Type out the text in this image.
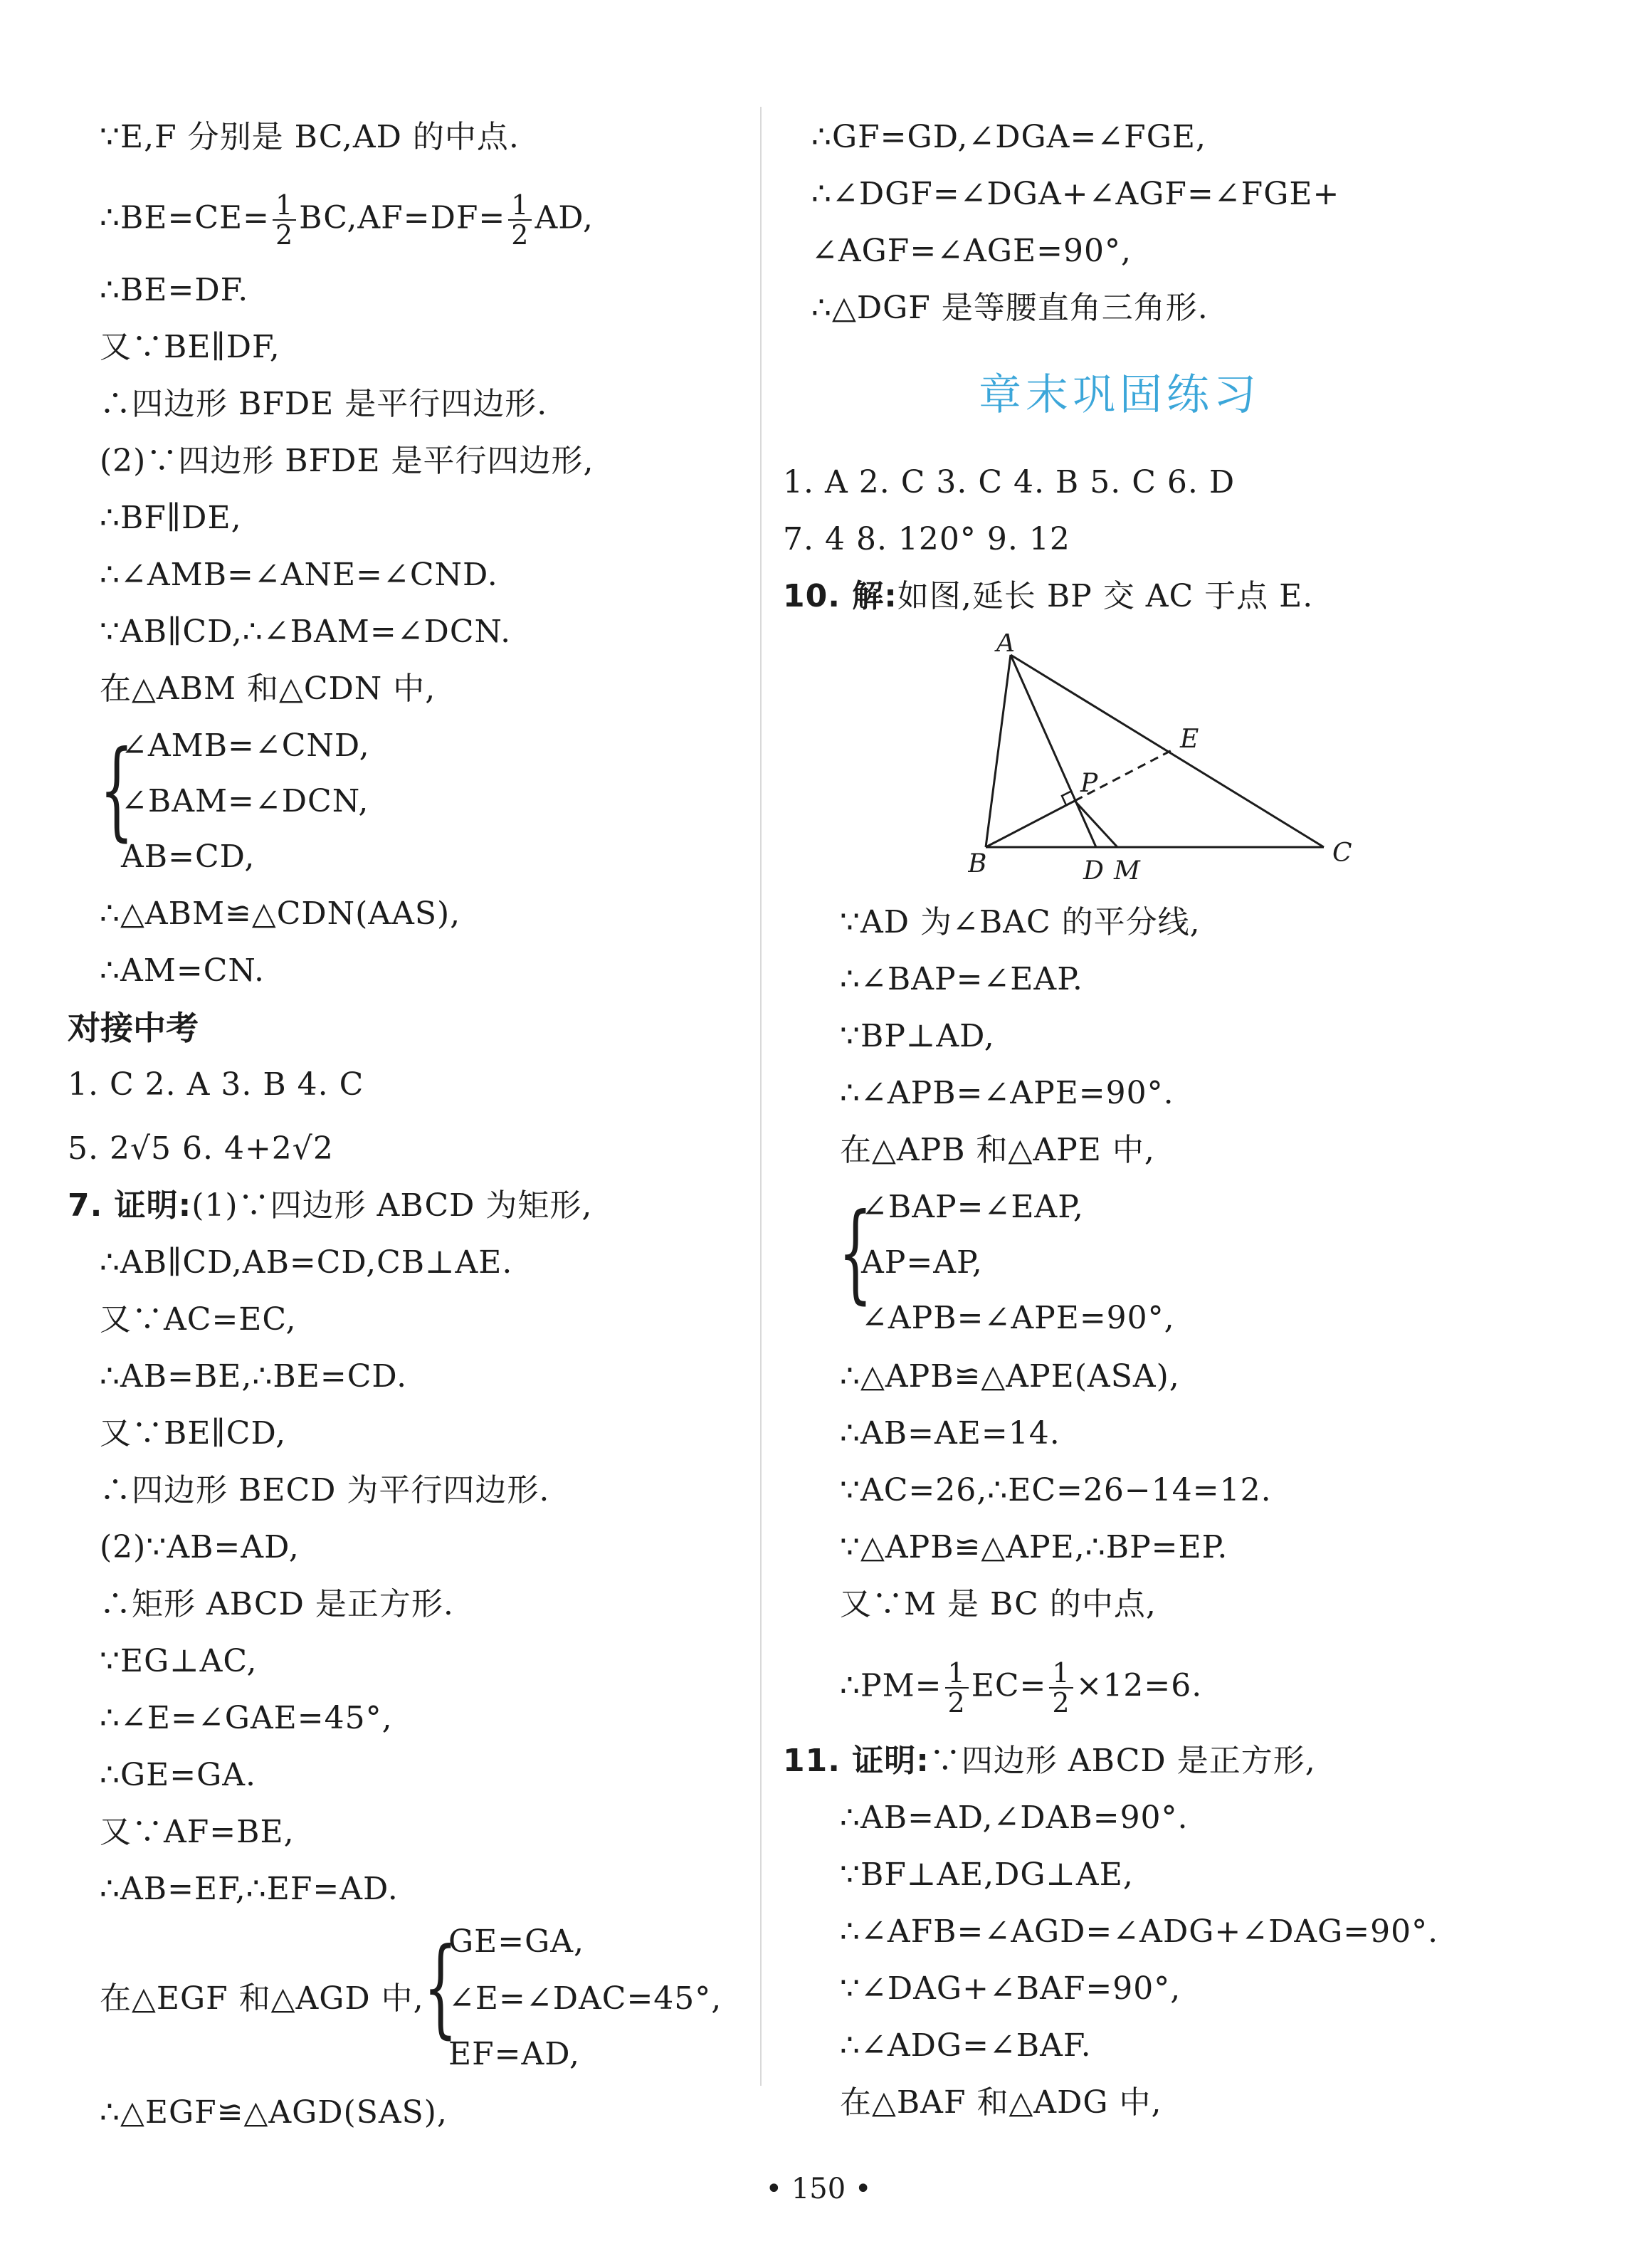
∵E,F 分别是 BC,AD 的中点.
∴BE=CE= $\frac{1}{2} BC,AF=DF= \frac{1}{2}$ AD,
∴BE=DF.
又∵BE∥DF,
∴四边形 BFDE 是平行四边形.
(2)∵四边形 BFDE 是平行四边形,
∴BF∥DE,
∴∠AMB=∠ANE=∠CND.
∵AB∥CD,∴∠BAM=∠DCN.
在△ABM 和△CDN 中,
{
∠AMB=∠CND,
∠BAM=∠DCN,
AB=CD,
∴△ABM≌△CDN(AAS),
∴AM=CN.
对接中考
1. C 2. A 3. B 4. C
5. 2√5 6. 4+2√2
7. 证明:(1)∵四边形 ABCD 为矩形,
∴AB∥CD,AB=CD,CB⊥AE.
又∵AC=EC,
∴AB=BE,∴BE=CD.
又∵BE∥CD,
∴四边形 BECD 为平行四边形.
(2)∵AB=AD,
∴矩形 ABCD 是正方形.
∵EG⊥AC,
∴∠E=∠GAE=45°,
∴GE=GA.
又∵AF=BE,
∴AB=EF,∴EF=AD.
GE=GA,
在△EGF 和△AGD 中, {
∠E=∠DAC=45°,
EF=AD,
∴△EGF≌△AGD(SAS),
∴GF=GD,∠DGA=∠FGE,
∴∠DGF=∠DGA+∠AGF=∠FGE+
∠AGF=∠AGE=90°,
∴△DGF 是等腰直角三角形.
章末巩固练习
1. A 2. C 3. C 4. B 5. C 6. D
7. 4 8. 120° 9. 12
10. 解:如图,延长 BP 交 AC 于点 E.
A
B	C
D M
E
P
∵AD 为∠BAC 的平分线,
∴∠BAP=∠EAP.
∵BP⊥AD,
∴∠APB=∠APE=90°.
在△APB 和△APE 中,
{
∠BAP=∠EAP,
AP=AP,
∠APB=∠APE=90°,
∴△APB≌△APE(ASA),
∴AB=AE=14.
∵AC=26,∴EC=26−14=12.
∵△APB≌△APE,∴BP=EP.
又∵M 是 BC 的中点,
∴PM= $\frac{1}{2} EC= \frac{1}{2} \times 12=6$.
11. 证明:∵四边形 ABCD 是正方形,
∴AB=AD,∠DAB=90°.
∵BF⊥AE,DG⊥AE,
∴∠AFB=∠AGD=∠ADG+∠DAG=90°.
∵∠DAG+∠BAF=90°,
∴∠ADG=∠BAF.
在△BAF 和△ADG 中,
• 150 •
